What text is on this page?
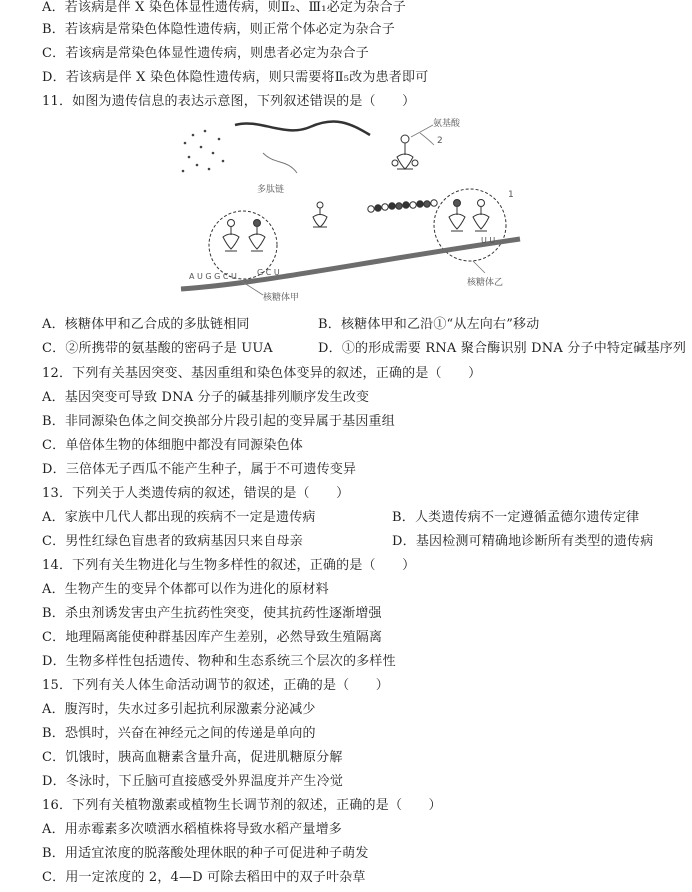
A．若该病是伴 X 染色体显性遗传病，则Ⅱ₂、Ⅲ₁必定为杂合子
B．若该病是常染色体隐性遗传病，则正常个体必定为杂合子
C．若该病是常染色体显性遗传病，则患者必定为杂合子
D．若该病是伴 X 染色体隐性遗传病，则只需要将Ⅱ₅改为患者即可
11．如图为遗传信息的表达示意图，下列叙述错误的是（　　）
多肽链
氨基酸
2
1
A U G G C U	G C U
U U
核糖体甲
核糖体乙
A．核糖体甲和乙合成的多肽链相同	B．核糖体甲和乙沿①“从左向右”移动
C．②所携带的氨基酸的密码子是 UUA	D．①的形成需要 RNA 聚合酶识别 DNA 分子中特定碱基序列
12．下列有关基因突变、基因重组和染色体变异的叙述，正确的是（　　）
A．基因突变可导致 DNA 分子的碱基排列顺序发生改变
B．非同源染色体之间交换部分片段引起的变异属于基因重组
C．单倍体生物的体细胞中都没有同源染色体
D．三倍体无子西瓜不能产生种子，属于不可遗传变异
13．下列关于人类遗传病的叙述，错误的是（　　）
A．家族中几代人都出现的疾病不一定是遗传病	B．人类遗传病不一定遵循孟德尔遗传定律
C．男性红绿色盲患者的致病基因只来自母亲	D．基因检测可精确地诊断所有类型的遗传病
14．下列有关生物进化与生物多样性的叙述，正确的是（　　）
A．生物产生的变异个体都可以作为进化的原材料
B．杀虫剂诱发害虫产生抗药性突变，使其抗药性逐渐增强
C．地理隔离能使种群基因库产生差别，必然导致生殖隔离
D．生物多样性包括遗传、物种和生态系统三个层次的多样性
15．下列有关人体生命活动调节的叙述，正确的是（　　）
A．腹泻时，失水过多引起抗利尿激素分泌减少
B．恐惧时，兴奋在神经元之间的传递是单向的
C．饥饿时，胰高血糖素含量升高，促进肌糖原分解
D．冬泳时，下丘脑可直接感受外界温度并产生冷觉
16．下列有关植物激素或植物生长调节剂的叙述，正确的是（　　）
A．用赤霉素多次喷洒水稻植株将导致水稻产量增多
B．用适宜浓度的脱落酸处理休眠的种子可促进种子萌发
C．用一定浓度的 2，4—D 可除去稻田中的双子叶杂草
